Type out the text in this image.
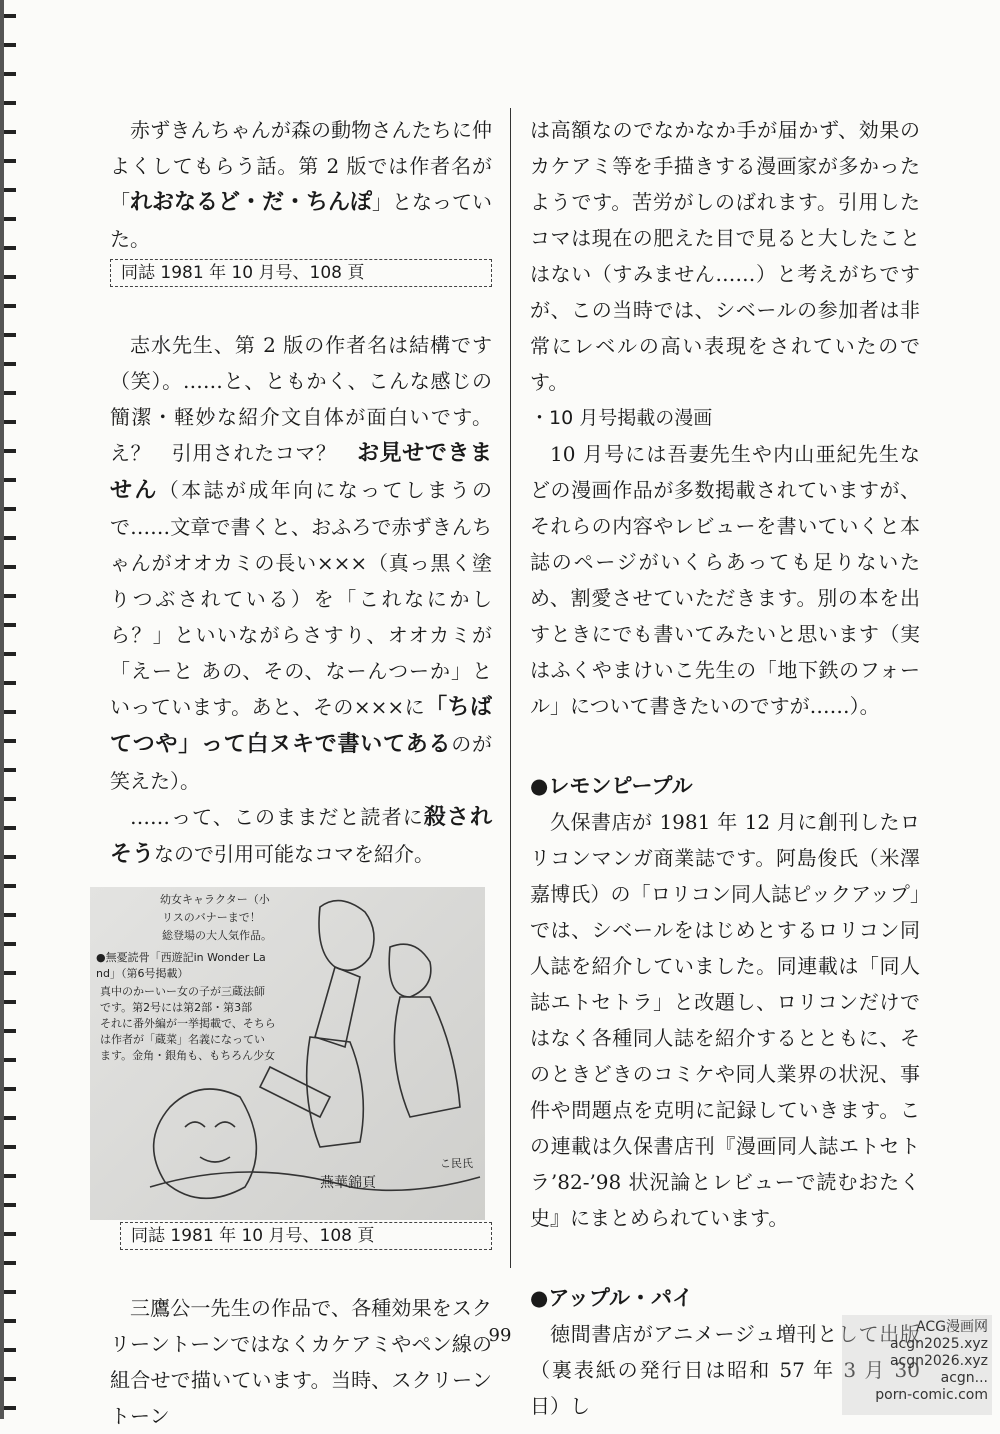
赤ずきんちゃんが森の動物さんたちに仲よくしてもらう話。第 2 版では作者名が「れおなるど・だ・ちんぽ」となっていた。

同誌 1981 年 10 月号、108 頁

志水先生、第 2 版の作者名は結構です（笑）。……と、ともかく、こんな感じの簡潔・軽妙な紹介文自体が面白いです。え？　引用されたコマ？　お見せできません（本誌が成年向になってしまうので……文章で書くと、おふろで赤ずきんちゃんがオオカミの長い×××（真っ黒く塗りつぶされている）を「これなにかしら？」といいながらさすり、オオカミが「えーと あの、その、なーんつーか」といっています。あと、その×××に「ちばてつや」って白ヌキで書いてあるのが笑えた）。

……って、このままだと読者に殺されそうなので引用可能なコマを紹介。

幼女キャラクター（小
リスのバナーまで！
総登場の大人気作品。
●無憂読骨「西遊記in Wonder La
nd」（第6号掲載）
真中のかーいー女の子が三蔵法師
です。第2号には第2部・第3部
それに番外編が一挙掲載で、そちら
は作者が「蔵菜」名義になってい
ます。金角・銀角も、もちろん少女
燕華錦頁
こ民氏
同誌 1981 年 10 月号、108 頁

三鷹公一先生の作品で、各種効果をスクリーントーンではなくカケアミやペン線の組合せで描いています。当時、スクリーントーン

は高額なのでなかなか手が届かず、効果のカケアミ等を手描きする漫画家が多かったようです。苦労がしのばれます。引用したコマは現在の肥えた目で見ると大したことはない（すみません……）と考えがちですが、この当時では、シベールの参加者は非常にレベルの高い表現をされていたのです。

・10 月号掲載の漫画

10 月号には吾妻先生や内山亜紀先生などの漫画作品が多数掲載されていますが、それらの内容やレビューを書いていくと本誌のページがいくらあっても足りないため、割愛させていただきます。別の本を出すときにでも書いてみたいと思います（実はふくやまけいこ先生の「地下鉄のフォール」について書きたいのですが……）。

●レモンピープル

久保書店が 1981 年 12 月に創刊したロリコンマンガ商業誌です。阿島俊氏（米澤嘉博氏）の「ロリコン同人誌ピックアップ」では、シベールをはじめとするロリコン同人誌を紹介していました。同連載は「同人誌エトセトラ」と改題し、ロリコンだけではなく各種同人誌を紹介するとともに、そのときどきのコミケや同人業界の状況、事件や問題点を克明に記録していきます。この連載は久保書店刊『漫画同人誌エトセトラ’82-’98 状況論とレビューで読むおたく史』にまとめられています。

●アップル・パイ

徳間書店がアニメージュ増刊として出版（裏表紙の発行日は昭和 57 年 3 月 30 日）し

99	ACG漫画网
acgn2025.xyz
acgn2026.xyz
acgn...
porn-comic.com
